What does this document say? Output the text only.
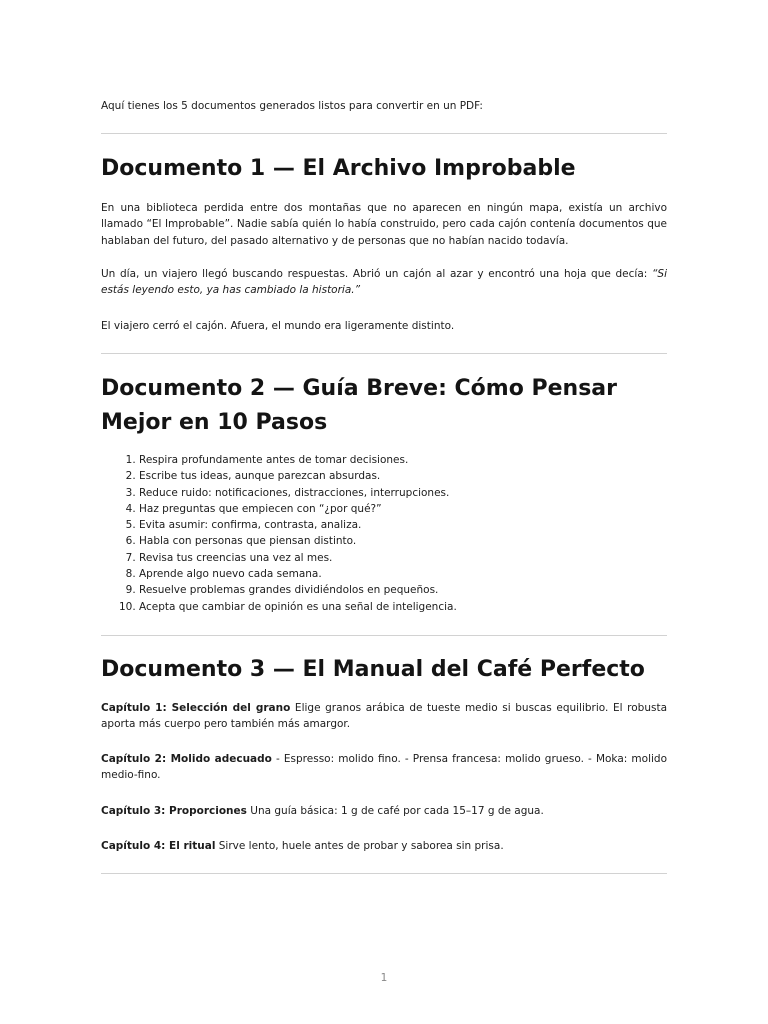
Aquí tienes los 5 documentos generados listos para convertir en un PDF:
Documento 1 — El Archivo Improbable

En una biblioteca perdida entre dos montañas que no aparecen en ningún mapa, existía un archivo llamado “El Improbable”. Nadie sabía quién lo había construido, pero cada cajón contenía documentos que hablaban del futuro, del pasado alternativo y de personas que no habían nacido todavía.

Un día, un viajero llegó buscando respuestas. Abrió un cajón al azar y encontró una hoja que decía: “Si estás leyendo esto, ya has cambiado la historia.”

El viajero cerró el cajón. Afuera, el mundo era ligeramente distinto.

Documento 2 — Guía Breve: Cómo Pensar Mejor en 10 Pasos
1. Respira profundamente antes de tomar decisiones.
2. Escribe tus ideas, aunque parezcan absurdas.
3. Reduce ruido: notificaciones, distracciones, interrupciones.
4. Haz preguntas que empiecen con “¿por qué?”
5. Evita asumir: confirma, contrasta, analiza.
6. Habla con personas que piensan distinto.
7. Revisa tus creencias una vez al mes.
8. Aprende algo nuevo cada semana.
9. Resuelve problemas grandes dividiéndolos en pequeños.
10. Acepta que cambiar de opinión es una señal de inteligencia.
Documento 3 — El Manual del Café Perfecto

Capítulo 1: Selección del grano Elige granos arábica de tueste medio si buscas equilibrio. El robusta aporta más cuerpo pero también más amargor.

Capítulo 2: Molido adecuado - Espresso: molido fino. - Prensa francesa: molido grueso. - Moka: molido medio-fino.

Capítulo 3: Proporciones Una guía básica: 1 g de café por cada 15–17 g de agua.

Capítulo 4: El ritual Sirve lento, huele antes de probar y saborea sin prisa.

1
